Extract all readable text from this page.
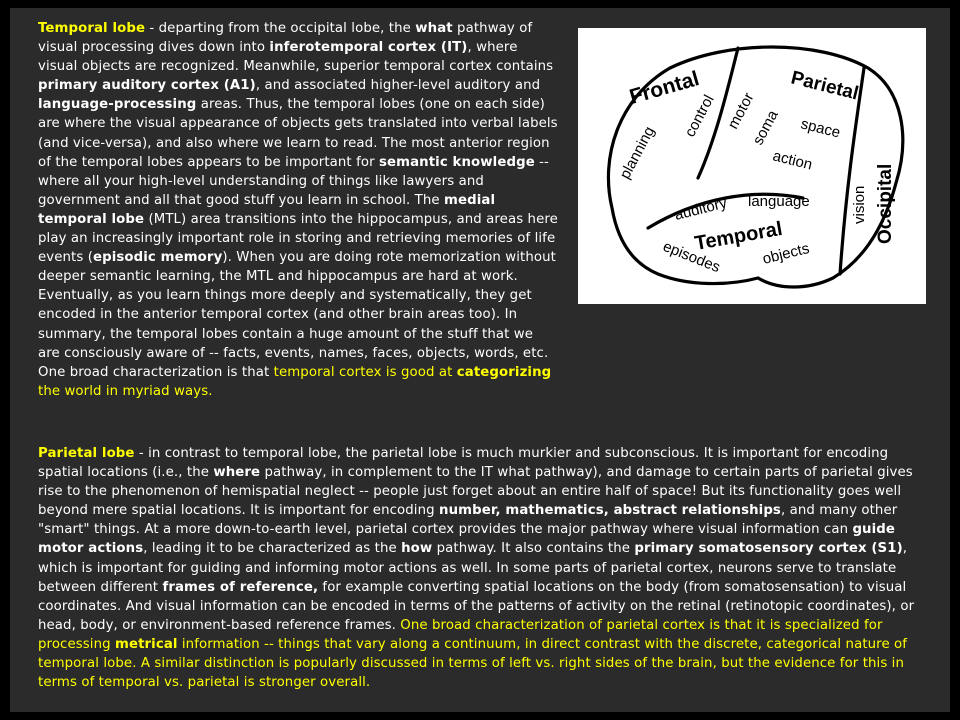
Temporal lobe - departing from the occipital lobe, the what pathway of visual processing dives down into inferotemporal cortex (IT), where visual objects are recognized. Meanwhile, superior temporal cortex contains primary auditory cortex (A1), and associated higher-level auditory and language-processing areas. Thus, the temporal lobes (one on each side) are where the visual appearance of objects gets translated into verbal labels (and vice-versa), and also where we learn to read. The most anterior region of the temporal lobes appears to be important for semantic knowledge -- where all your high-level understanding of things like lawyers and government and all that good stuff you learn in school. The medial temporal lobe (MTL) area transitions into the hippocampus, and areas here play an increasingly important role in storing and retrieving memories of life events (episodic memory). When you are doing rote memorization without deeper semantic learning, the MTL and hippocampus are hard at work. Eventually, as you learn things more deeply and systematically, they get encoded in the anterior temporal cortex (and other brain areas too). In summary, the temporal lobes contain a huge amount of the stuff that we are consciously aware of -- facts, events, names, faces, objects, words, etc. One broad characterization is that temporal cortex is good at categorizing the world in myriad ways.

Frontal	Parietal
Occipital
Temporal
planning
control motor
soma space
action
vision
auditory language
episodes	objects

Parietal lobe - in contrast to temporal lobe, the parietal lobe is much murkier and subconscious. It is important for encoding spatial locations (i.e., the where pathway, in complement to the IT what pathway), and damage to certain parts of parietal gives rise to the phenomenon of hemispatial neglect -- people just forget about an entire half of space! But its functionality goes well beyond mere spatial locations. It is important for encoding number, mathematics, abstract relationships, and many other "smart" things. At a more down-to-earth level, parietal cortex provides the major pathway where visual information can guide motor actions, leading it to be characterized as the how pathway. It also contains the primary somatosensory cortex (S1), which is important for guiding and informing motor actions as well. In some parts of parietal cortex, neurons serve to translate between different frames of reference, for example converting spatial locations on the body (from somatosensation) to visual coordinates. And visual information can be encoded in terms of the patterns of activity on the retinal (retinotopic coordinates), or head, body, or environment-based reference frames. One broad characterization of parietal cortex is that it is specialized for processing metrical information -- things that vary along a continuum, in direct contrast with the discrete, categorical nature of temporal lobe. A similar distinction is popularly discussed in terms of left vs. right sides of the brain, but the evidence for this in terms of temporal vs. parietal is stronger overall.
